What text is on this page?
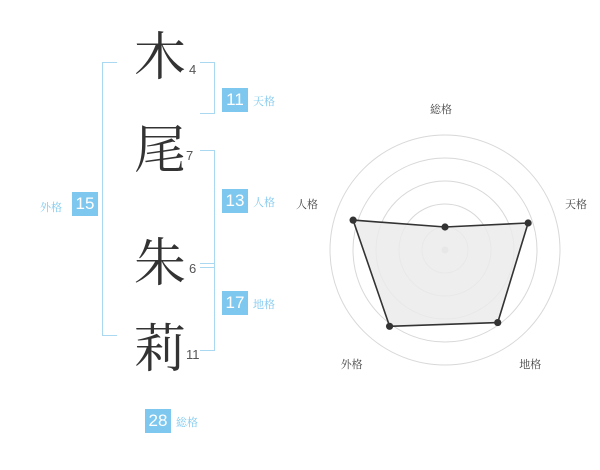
木 4
尾 7
朱 6
莉 11
11 天格
13 人格
17 地格
外格 15
28 総格
総格
天格
地格
外格
人格
